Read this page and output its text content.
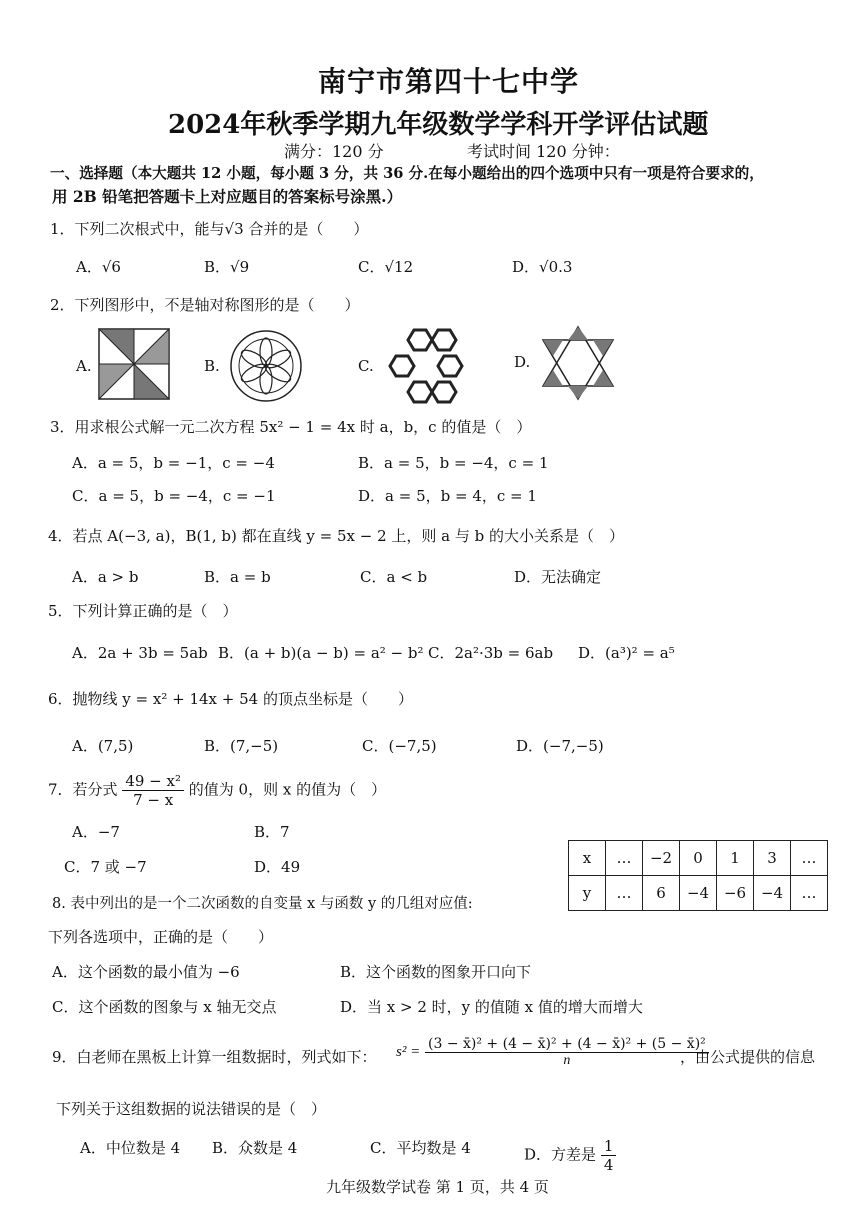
南宁市第四十七中学
2024年秋季学期九年级数学学科开学评估试题
满分：120 分	考试时间 120 分钟：
一、选择题（本大题共 12 小题，每小题 3 分，共 36 分.在每小题给出的四个选项中只有一项是符合要求的，
用 2B 铅笔把答题卡上对应题目的答案标号涂黑.）
1．下列二次根式中，能与√3 合并的是（　　）
A．√6	B．√9	C．√12	D．√0.3
2．下列图形中，不是轴对称图形的是（　　）
A.	B.	C.	D.
3．用求根公式解一元二次方程 5x² − 1 = 4x 时 a，b，c 的值是（　）
A．a = 5，b = −1，c = −4	B．a = 5，b = −4，c = 1
C．a = 5，b = −4，c = −1	D．a = 5，b = 4，c = 1
4．若点 A(−3, a)，B(1, b) 都在直线 y = 5x − 2 上，则 a 与 b 的大小关系是（　）
A．a > b	B．a = b	C．a < b	D．无法确定
5．下列计算正确的是（　）
A．2a + 3b = 5ab B．(a + b)(a − b) = a² − b² C．2a²·3b = 6ab D．(a³)² = a⁵
6．抛物线 y = x² + 14x + 54 的顶点坐标是（　　）
A．(7,5)	B．(7,−5)	C．(−7,5)	D．(−7,−5)
7．若分式 $\frac{\text{49 − x²}}{7 - x}$ 的值为 0，则 x 的值为（　）
A．−7	B．7
C．7 或 −7	D．49	x	…	−2	0	1	3	…
y	…	6	−4	−6	−4	…
8. 表中列出的是一个二次函数的自变量 x 与函数 y 的几组对应值:
下列各选项中，正确的是（　　）
A．这个函数的最小值为 −6	B．这个函数的图象开口向下
C．这个函数的图象与 x 轴无交点	D．当 x > 2 时，y 的值随 x 值的增大而增大
9．白老师在黑板上计算一组数据时，列式如下： $s^2 = \frac{\text{(3 − x̄)² + (4 − x̄)² + (4 − x̄)² + (5 − x̄)²}}{n}$
，由公式提供的信息
下列关于这组数据的说法错误的是（　）
A．中位数是 4 B．众数是 4	C．平均数是 4	D．方差是 $\frac{1}{4}$
九年级数学试卷 第 1 页，共 4 页
